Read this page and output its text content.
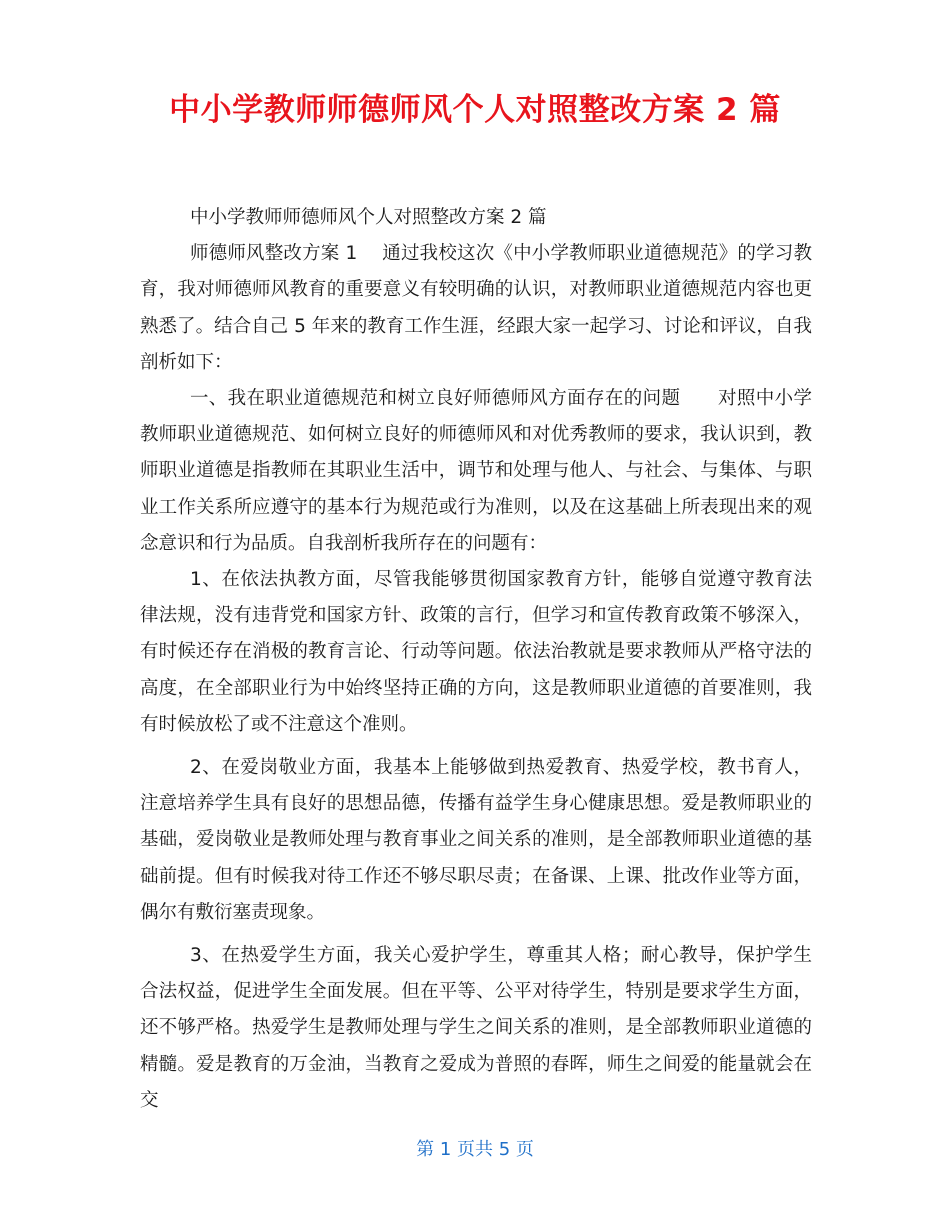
中小学教师师德师风个人对照整改方案 2 篇

中小学教师师德师风个人对照整改方案 2 篇

师德师风整改方案 1　 通过我校这次《中小学教师职业道德规范》的学习教育，我对师德师风教育的重要意义有较明确的认识，对教师职业道德规范内容也更熟悉了。结合自己 5 年来的教育工作生涯，经跟大家一起学习、讨论和评议，自我剖析如下：

一、我在职业道德规范和树立良好师德师风方面存在的问题　　对照中小学教师职业道德规范、如何树立良好的师德师风和对优秀教师的要求，我认识到，教师职业道德是指教师在其职业生活中，调节和处理与他人、与社会、与集体、与职业工作关系所应遵守的基本行为规范或行为准则，以及在这基础上所表现出来的观念意识和行为品质。自我剖析我所存在的问题有：

1、在依法执教方面，尽管我能够贯彻国家教育方针，能够自觉遵守教育法律法规，没有违背党和国家方针、政策的言行，但学习和宣传教育政策不够深入，有时候还存在消极的教育言论、行动等问题。依法治教就是要求教师从严格守法的高度，在全部职业行为中始终坚持正确的方向，这是教师职业道德的首要准则，我有时候放松了或不注意这个准则。

2、在爱岗敬业方面，我基本上能够做到热爱教育、热爱学校，教书育人，注意培养学生具有良好的思想品德，传播有益学生身心健康思想。爱是教师职业的基础，爱岗敬业是教师处理与教育事业之间关系的准则，是全部教师职业道德的基础前提。但有时候我对待工作还不够尽职尽责；在备课、上课、批改作业等方面，偶尔有敷衍塞责现象。

3、在热爱学生方面，我关心爱护学生，尊重其人格；耐心教导，保护学生合法权益，促进学生全面发展。但在平等、公平对待学生，特别是要求学生方面，还不够严格。热爱学生是教师处理与学生之间关系的准则，是全部教师职业道德的精髓。爱是教育的万金油，当教育之爱成为普照的春晖，师生之间爱的能量就会在交

第 1 页共 5 页
